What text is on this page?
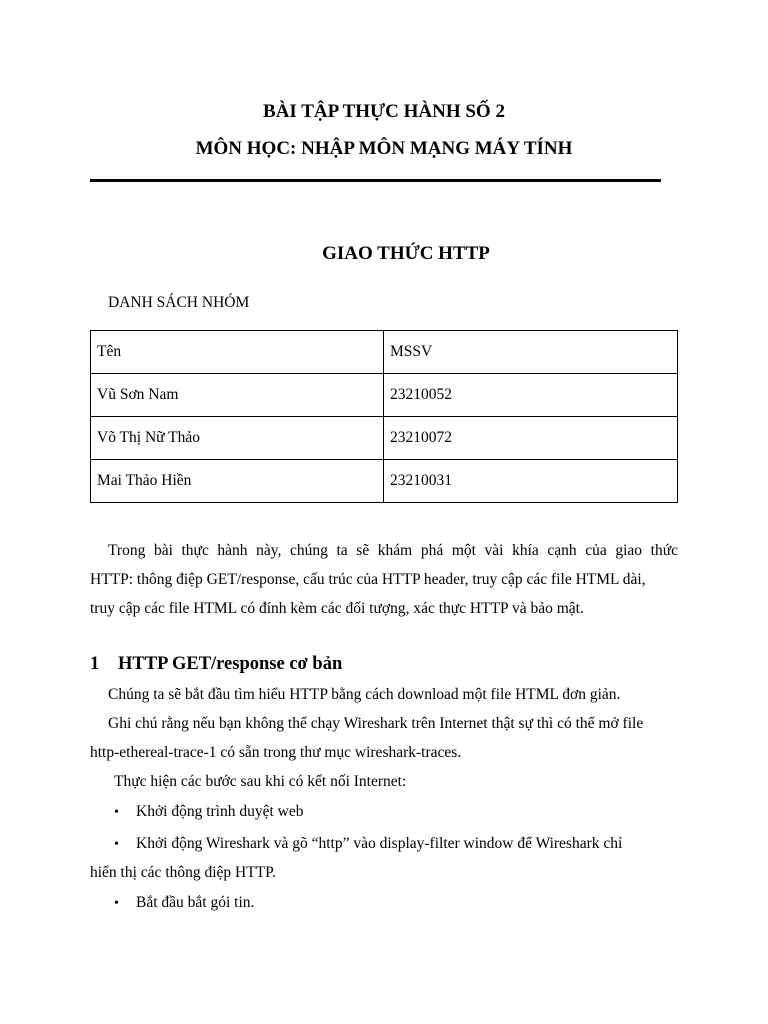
BÀI TẬP THỰC HÀNH SỐ 2
MÔN HỌC: NHẬP MÔN MẠNG MÁY TÍNH
GIAO THỨC HTTP
DANH SÁCH NHÓM
Tên	MSSV
Vũ Sơn Nam	23210052
Võ Thị Nữ Thảo	23210072
Mai Thảo Hiền	23210031
Trong bài thực hành này, chúng ta sẽ khám phá một vài khía cạnh của giao thức
HTTP: thông điệp GET/response, cấu trúc của HTTP header, truy cập các file HTML dài,
truy cập các file HTML có đính kèm các đối tượng, xác thực HTTP và bảo mật.
1 HTTP GET/response cơ bản
Chúng ta sẽ bắt đầu tìm hiểu HTTP bằng cách download một file HTML đơn giản.
Ghi chú rằng nếu bạn không thể chạy Wireshark trên Internet thật sự thì có thể mở file
http-ethereal-trace-1 có sẵn trong thư mục wireshark-traces.
Thực hiện các bước sau khi có kết nối Internet:
• Khởi động trình duyệt web
• Khởi động Wireshark và gõ “http” vào display-filter window để Wireshark chỉ
hiển thị các thông điệp HTTP.
• Bắt đầu bắt gói tin.
